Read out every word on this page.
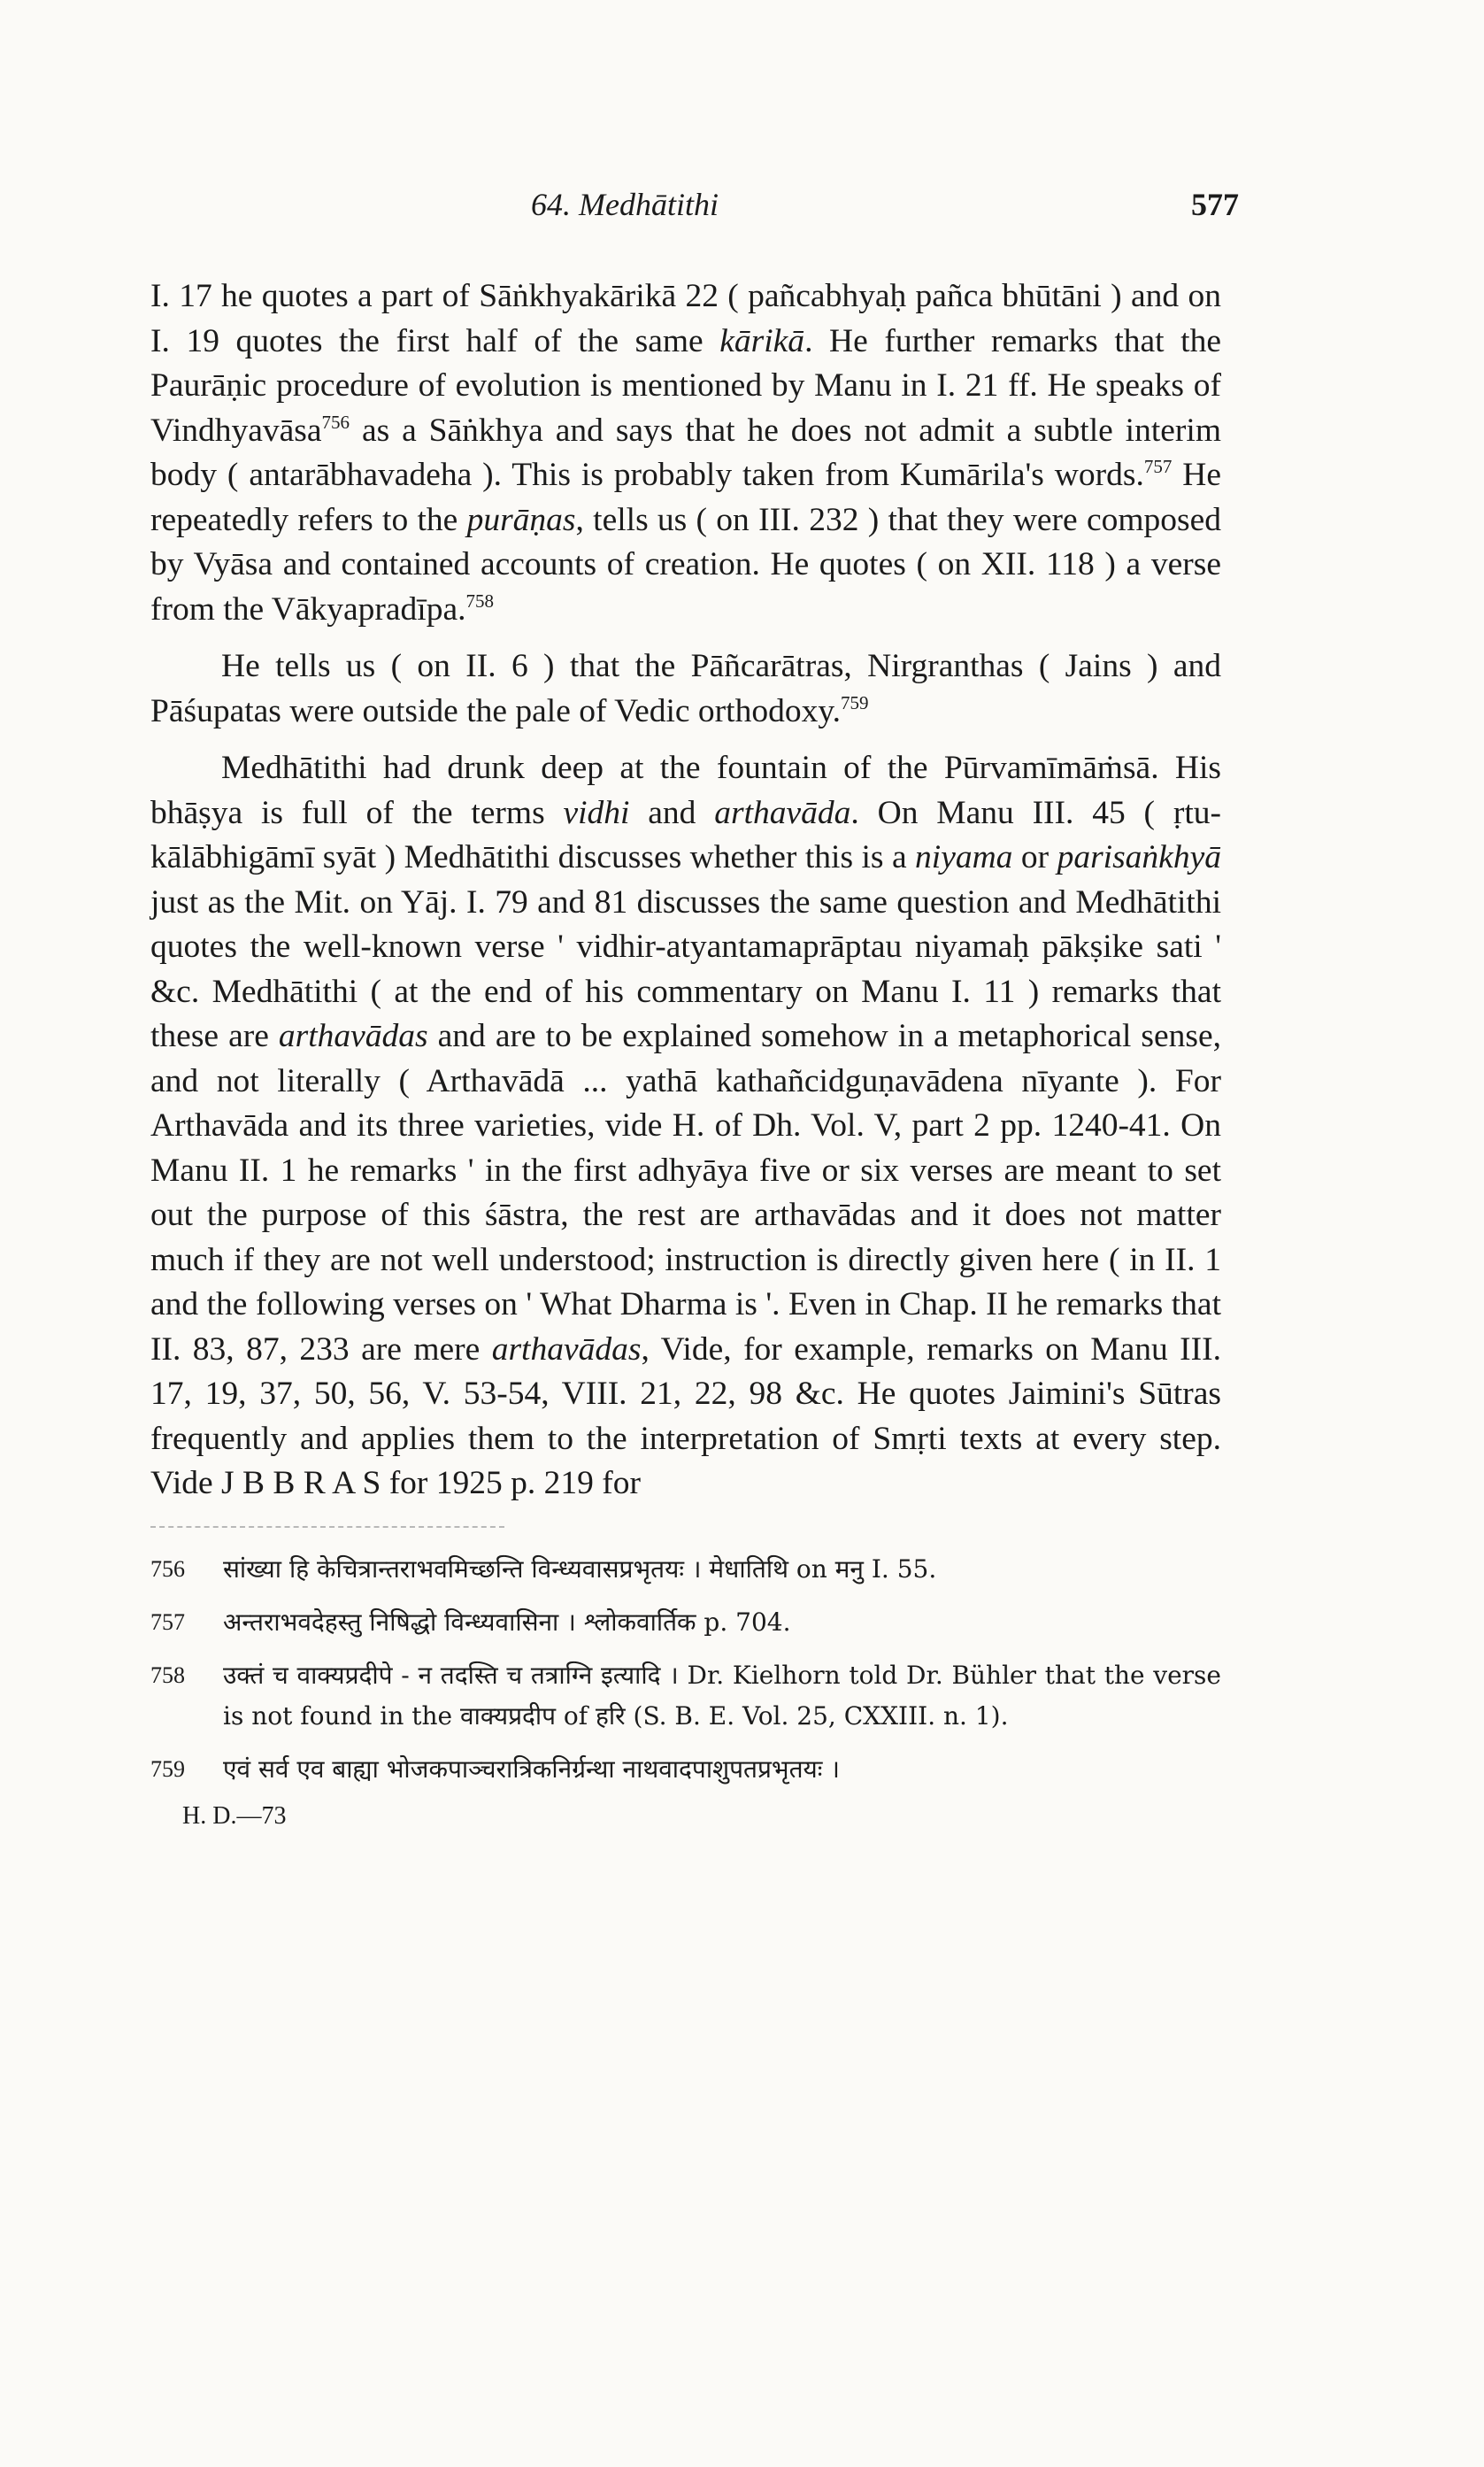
64. Medhātithi	577

I. 17 he quotes a part of Sāṅkhyakārikā 22 ( pañcabhyaḥ pañca bhūtāni ) and on I. 19 quotes the first half of the same kārikā. He further remarks that the Paurāṇic procedure of evolution is mentioned by Manu in I. 21 ff. He speaks of Vindhyavāsa$^{756}$ as a Sāṅkhya and says that he does not admit a subtle interim body ( antarābhavadeha ). This is probably taken from Kumārila's words.$^{757}$ He repeatedly refers to the purāṇas, tells us ( on III. 232 ) that they were composed by Vyāsa and contained accounts of creation. He quotes ( on XII. 118 ) a verse from the Vākyapradīpa.$^{758}$

He tells us ( on II. 6 ) that the Pāñcarātras, Nirgranthas ( Jains ) and Pāśupatas were outside the pale of Vedic orthodoxy.$^{759}$

Medhātithi had drunk deep at the fountain of the Pūrvamīmāṁsā. His bhāṣya is full of the terms vidhi and arthavāda. On Manu III. 45 ( ṛtu-kālābhigāmī syāt ) Medhātithi discusses whether this is a niyama or parisaṅkhyā just as the Mit. on Yāj. I. 79 and 81 discusses the same question and Medhātithi quotes the well-known verse ' vidhir-atyantamaprāptau niyamaḥ pākṣike sati ' &c. Medhātithi ( at the end of his commentary on Manu I. 11 ) remarks that these are arthavādas and are to be explained somehow in a metaphorical sense, and not literally ( Arthavādā ... yathā kathañcidguṇavādena nīyante ). For Arthavāda and its three varieties, vide H. of Dh. Vol. V, part 2 pp. 1240-41. On Manu II. 1 he remarks ' in the first adhyāya five or six verses are meant to set out the purpose of this śāstra, the rest are arthavādas and it does not matter much if they are not well understood; instruction is directly given here ( in II. 1 and the following verses on ' What Dharma is '. Even in Chap. II he remarks that II. 83, 87, 233 are mere arthavādas, Vide, for example, remarks on Manu III. 17, 19, 37, 50, 56, V. 53-54, VIII. 21, 22, 98 &c. He quotes Jaimini's Sūtras frequently and applies them to the interpretation of Smṛti texts at every step. Vide J B B R A S for 1925 p. 219 for

756	सांख्या हि केचित्रान्तराभवमिच्छन्ति विन्ध्यवासप्रभृतयः । मेधातिथि on मनु I. 55.
757	अन्तराभवदेहस्तु निषिद्धो विन्ध्यवासिना । श्लोकवार्तिक p. 704.
758	उक्तं च वाक्यप्रदीपे - न तदस्ति च तत्राग्नि इत्यादि । Dr. Kielhorn told Dr. Bühler that the verse is not found in the वाक्यप्रदीप of हरि (S. B. E. Vol. 25, CXXIII. n. 1).
759	एवं सर्व एव बाह्या भोजकपाञ्चरात्रिकनिर्ग्रन्था नाथवादपाशुपतप्रभृतयः ।
H. D.—73
